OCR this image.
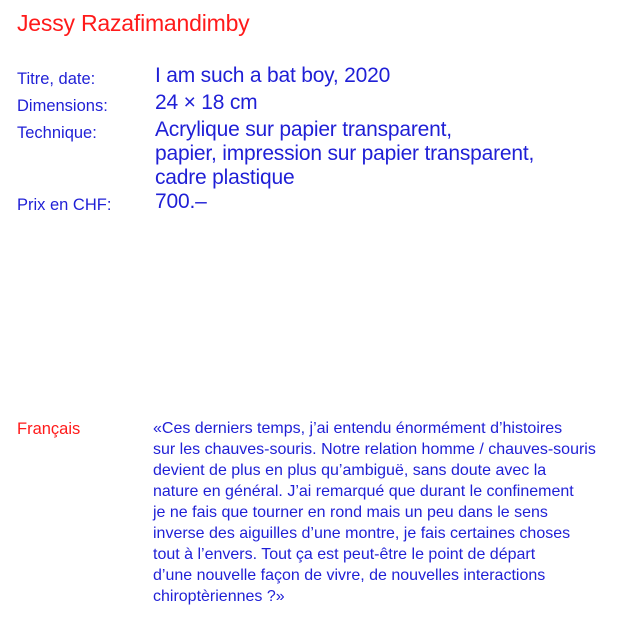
Jessy Razafimandimby
Titre, date:	I am such a bat boy, 2020
Dimensions:	24 × 18 cm
Technique:	Acrylique sur papier transparent,
papier, impression sur papier transparent,
cadre plastique
Prix en CHF:	700.–
Français	«Ces derniers temps, j’ai entendu énormément d’histoires
sur les chauves-souris. Notre relation homme / chauves-souris
devient de plus en plus qu’ambiguë, sans doute avec la
nature en général. J’ai remarqué que durant le confinement
je ne fais que tourner en rond mais un peu dans le sens
inverse des aiguilles d’une montre, je fais certaines choses
tout à l’envers. Tout ça est peut-être le point de départ
d’une nouvelle façon de vivre, de nouvelles interactions
chiroptèriennes ?»
